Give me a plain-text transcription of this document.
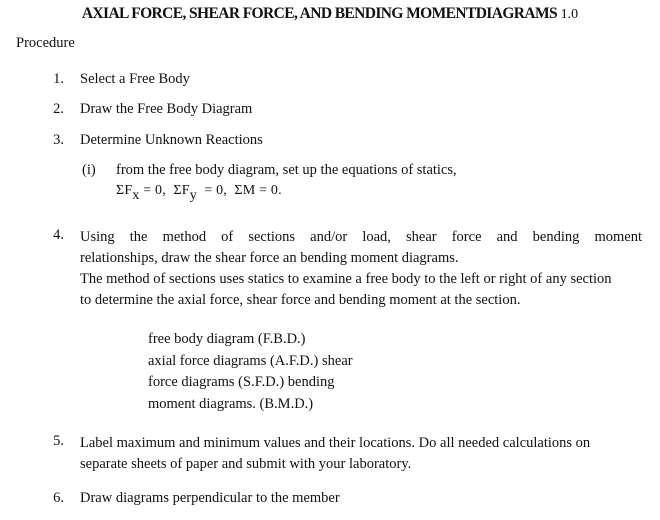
AXIAL FORCE, SHEAR FORCE, AND BENDING MOMENTDIAGRAMS 1.0
Procedure
1. Select a Free Body
2. Draw the Free Body Diagram
3. Determine Unknown Reactions
(i) from the free body diagram, set up the equations of statics,
ΣFx = 0,  ΣFy  = 0,  ΣM = 0.
4. Using the method of sections and/or load, shear force and bending moment
relationships, draw the shear force an bending moment diagrams.
The method of sections uses statics to examine a free body to the left or right of any section
to determine the axial force, shear force and bending moment at the section.
free body diagram (F.B.D.)
axial force diagrams (A.F.D.) shear
force diagrams (S.F.D.) bending
moment diagrams. (B.M.D.)
5. Label maximum and minimum values and their locations. Do all needed calculations on
separate sheets of paper and submit with your laboratory.
6. Draw diagrams perpendicular to the member
